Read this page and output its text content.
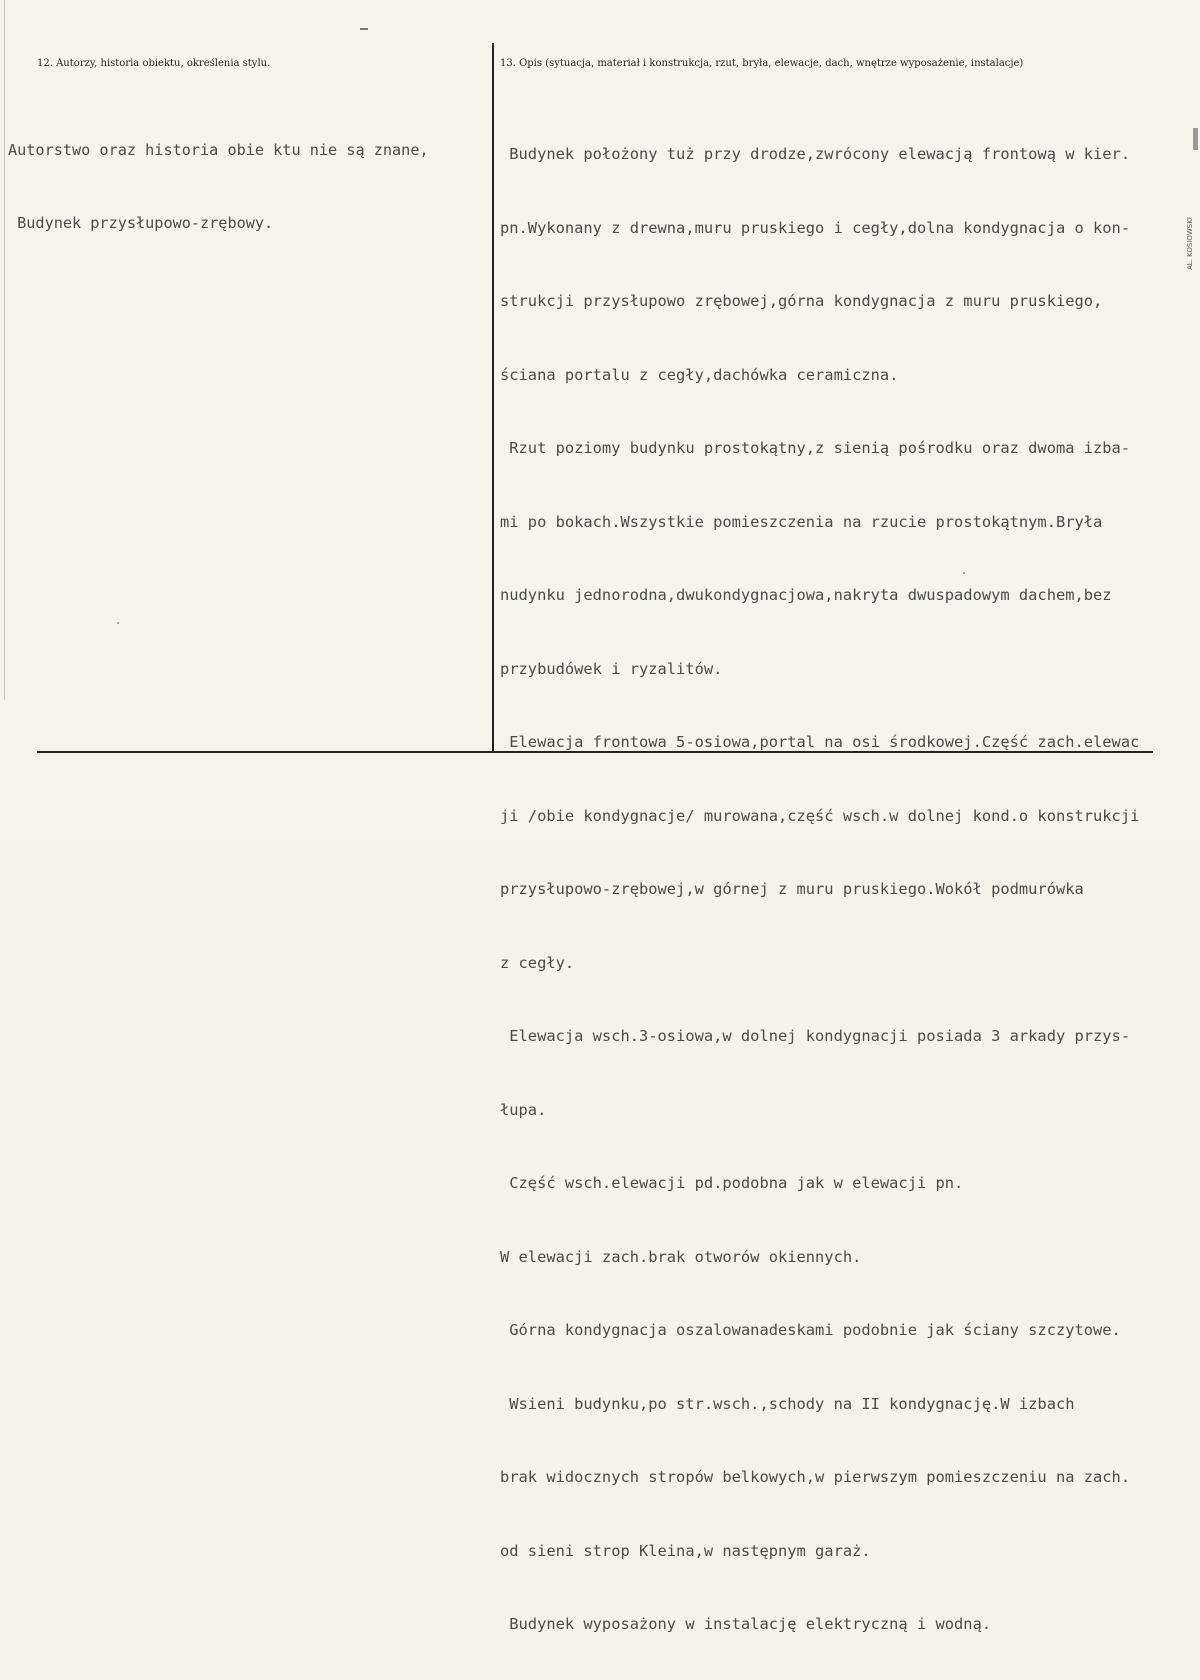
12. Autorzy, historia obiektu, określenia stylu.	13. Opis (sytuacja, materiał i konstrukcja, rzut, bryła, elewacje, dach, wnętrze wyposażenie, instalacje)

Autorstwo oraz historia obie ktu nie są znane,

Budynek przysłupowo-zrębowy.

Budynek położony tuż przy drodze,zwrócony elewacją frontową w kier.

pn.Wykonany z drewna,muru pruskiego i cegły,dolna kondygnacja o kon-

strukcji przysłupowo zrębowej,górna kondygnacja z muru pruskiego,

ściana portalu z cegły,dachówka ceramiczna.

Rzut poziomy budynku prostokątny,z sienią pośrodku oraz dwoma izba-

mi po bokach.Wszystkie pomieszczenia na rzucie prostokątnym.Bryła

nudynku jednorodna,dwukondygnacjowa,nakryta dwuspadowym dachem,bez

przybudówek i ryzalitów.

Elewacja frontowa 5-osiowa,portal na osi środkowej.Część zach.elewac

ji /obie kondygnacje/ murowana,część wsch.w dolnej kond.o konstrukcji

przysłupowo-zrębowej,w górnej z muru pruskiego.Wokół podmurówka

z cegły.

Elewacja wsch.3-osiowa,w dolnej kondygnacji posiada 3 arkady przys-

łupa.

Część wsch.elewacji pd.podobna jak w elewacji pn.

W elewacji zach.brak otworów okiennych.

Górna kondygnacja oszalowanadeskami podobnie jak ściany szczytowe.

Wsieni budynku,po str.wsch.,schody na II kondygnację.W izbach

brak widocznych stropów belkowych,w pierwszym pomieszczeniu na zach.

od sieni strop Kleina,w następnym garaż.

Budynek wyposażony w instalację elektryczną i wodną.

AL. KOSIOWSKI
